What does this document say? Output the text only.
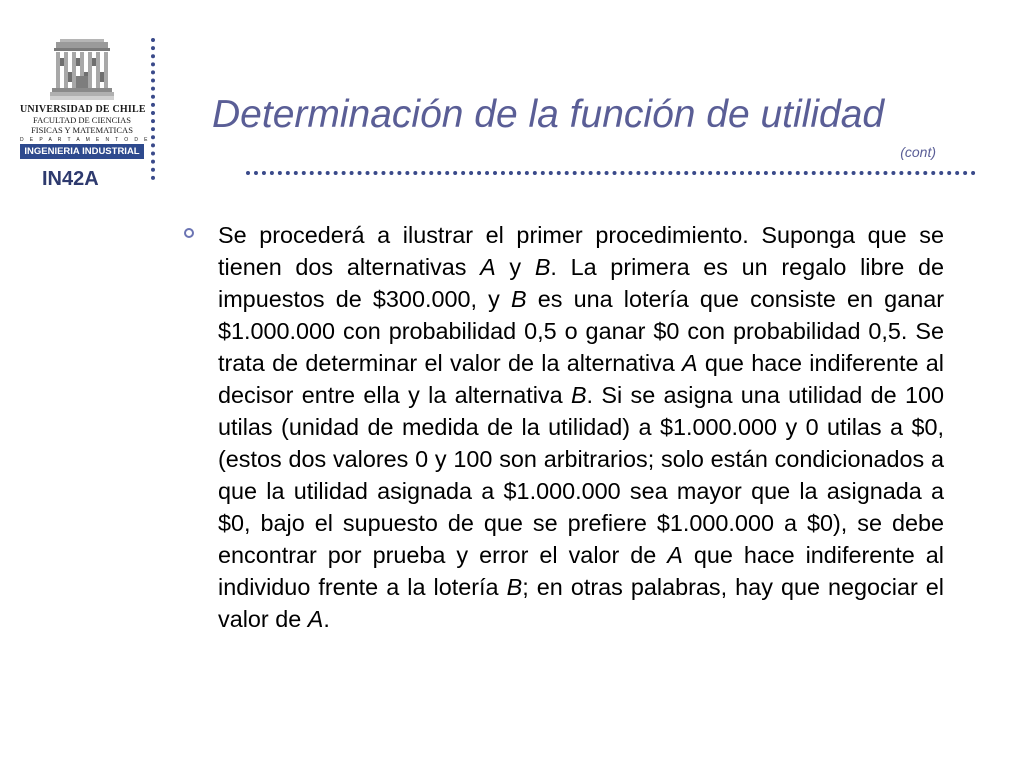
UNIVERSIDAD DE CHILE
FACULTAD DE CIENCIAS
FISICAS Y MATEMATICAS
D E P A R T A M E N T O D E
INGENIERIA INDUSTRIAL
IN42A
Determinación de la función de utilidad
(cont)

Se procederá a ilustrar el primer procedimiento. Suponga que se tienen dos alternativas A y B. La primera es un regalo libre de impuestos de $300.000, y B es una lotería que consiste en ganar $1.000.000 con probabilidad 0,5 o ganar $0 con probabilidad 0,5. Se trata de determinar el valor de la alternativa A que hace indiferente al decisor entre ella y la alternativa B. Si se asigna una utilidad de 100 utilas (unidad de medida de la utilidad) a $1.000.000 y 0 utilas a $0, (estos dos valores 0 y 100 son arbitrarios; solo están condicionados a que la utilidad asignada a $1.000.000 sea mayor que la asignada a $0, bajo el supuesto de que se prefiere $1.000.000 a $0), se debe encontrar por prueba y error el valor de A que hace indiferente al individuo frente a la lotería B; en otras palabras, hay que negociar el valor de A.
